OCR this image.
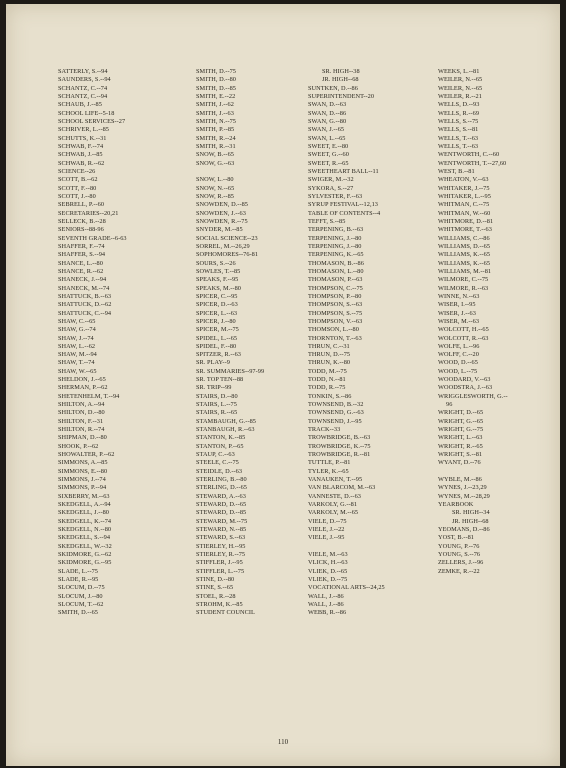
SATTERLY, S.--94
SAUNDERS, S.--94
SCHANTZ, C.--74
SCHANTZ, C.--94
SCHAUB, J.--85
SCHOOL LIFE--5-18
SCHOOL SERVICES--27
SCHRIVER, L.--85
SCHUTTS, K.--31
SCHWAB, F.--74
SCHWAB, J.--85
SCHWAB, R.--62
SCIENCE--26
SCOTT, B.--62
SCOTT, F.--80
SCOTT, J.--80
SEBRELL, P.--60
SECRETARIES--20,21
SELLECK, B.--28
SENIORS--88-96
SEVENTH GRADE--6-63
SHAFFER, F.--74
SHAFFER, S.--94
SHANCE, L.--80
SHANCE, R.--62
SHANECK, J.--94
SHANECK, M.--74
SHATTUCK, B.--63
SHATTUCK, D.--62
SHATTUCK, C.--94
SHAW, C.--65
SHAW, G.--74
SHAW, J.--74
SHAW, L.--62
SHAW, M.--94
SHAW, T.--74
SHAW, W.--65
SHELDON, J.--65
SHERMAN, P.--62
SHETENHELM, T.--94
SHILTON, A.--94
SHILTON, D.--80
SHILTON, F.--31
SHILTON, R.--74
SHIPMAN, D.--80
SHOOK, P.--62
SHOWALTER, P.--62
SIMMONS, A.--85
SIMMONS, E.--80
SIMMONS, J.--74
SIMMONS, P.--94
SIXBERRY, M.--63
SKEDGELL, A.--94
SKEDGELL, J.--80
SKEDGELL, K.--74
SKEDGELL, N.--80
SKEDGELL, S.--94
SKEDGELL, W.--32
SKIDMORE, G.--62
SKIDMORE, G.--95
SLADE, L.--75
SLADE, R.--95
SLOCUM, D.--75
SLOCUM, J.--80
SLOCUM, T.--62
SMITH, D.--65
SMITH, D.--75
SMITH, D.--80
SMITH, D.--85
SMITH, E.--22
SMITH, J.--62
SMITH, J.--63
SMITH, N.--75
SMITH, P.--85
SMITH, R.--24
SMITH, R.--31
SNOW, B.--65
SNOW, G.--63
SNOW, L.--80
SNOW, N.--65
SNOW, R.--85
SNOWDEN, D.--85
SNOWDEN, J.--63
SNOWDEN, R.--75
SNYDER, M.--85
SOCIAL SCIENCE--23
SORREL, M.--26,29
SOPHOMORES--76-81
SOURS, S.--26
SOWLES, T.--85
SPEAKS, F.--95
SPEAKS, M.--80
SPICER, C.--95
SPICER, D.--63
SPICER, L.--63
SPICER, J.--80
SPICER, M.--75
SPIDEL, L.--65
SPIDEL, F.--80
SPITZER, R.--63
SR. PLAY--9
SR. SUMMARIES--97-99
SR. TOP TEN--88
SR. TRIP--99
STAIRS, D.--80
STAIRS, L.--75
STAIRS, R.--65
STAMBAUGH, G.--85
STANBAUGH, R.--63
STANTON, K.--85
STANTON, P.--65
STAUP, C.--63
STEELE, C.--75
STEIDLE, D.--63
STERLING, B.--80
STERLING, D.--65
STEWARD, A.--63
STEWARD, D.--65
STEWARD, D.--85
STEWARD, M.--75
STEWARD, N.--85
STEWARD, S.--63
STIERLEY, H.--95
STIERLEY, R.--75
STIFFLER, J.--95
STIFFLER, L.--75
STINE, D.--80
STINE, S.--65
STOEL, R.--28
STROHM, K.--85
STUDENT COUNCIL
SR. HIGH--38
JR. HIGH--68
SUNTKEN, D.--86
SUPERINTENDENT--20
SWAN, D.--63
SWAN, D.--86
SWAN, G.--80
SWAN, J.--65
SWAN, L.--65
SWEET, E.--80
SWEET, G.--60
SWEET, R.--65
SWEETHEART BALL--11
SWIGER, M.--32
SYKORA, S.--27
SYLVESTER, F.--63
SYRUP FESTIVAL--12,13
TABLE OF CONTENTS--4
TEFFT, S.--85
TERPENING, B.--63
TERPENING, J.--80
TERPENING, J.--80
TERPENING, K.--65
THOMASON, B.--86
THOMASON, L.--80
THOMASON, P.--63
THOMPSON, C.--75
THOMPSON, P.--80
THOMPSON, S.--63
THOMPSON, S.--75
THOMPSON, V.--63
THOMSON, L.--80
THORNTON, T.--63
THRUN, C.--31
THRUN, D.--75
THRUN, K.--80
TODD, M.--75
TODD, N.--81
TODD, R.--75
TONKIN, S.--86
TOWNSEND, B.--32
TOWNSEND, G.--63
TOWNSEND, J.--95
TRACK--33
TROWBRIDGE, B.--63
TROWBRIDGE, K.--75
TROWBRIDGE, R.--81
TUTTLE, P.--81
TYLER, K.--65
VANAUKEN, T.--95
VAN BLARCOM, M.--63
VANNESTE, D.--63
VARKOLY, G.--81
VARKOLY, M.--65
VIELE, D.--75
VIELE, J.--22
VIELE, J.--95
VIELE, M.--63
VLICK, H.--63
VLIEK, D.--65
VLIEK, D.--75
VOCATIONAL ARTS--24,25
WALL, J.--86
WALL, J.--86
WEBB, R.--86
WEEKS, L.--81
WEILER, N.--65
WEILER, N.--65
WEILER, R.--21
WELLS, D.--93
WELLS, R.--69
WELLS, S.--75
WELLS, S.--81
WELLS, T.--63
WELLS, T.--63
WENTWORTH, C.--60
WENTWORTH, T.--27,60
WEST, B.--81
WHEATON, V.--63
WHITAKER, J.--75
WHITAKER, L.--95
WHITMAN, C.--75
WHITMAN, W.--60
WHITMORE, D.--81
WHITMORE, T.--63
WILLIAMS, C.--86
WILLIAMS, D.--65
WILLIAMS, K.--65
WILLIAMS, K.--65
WILLIAMS, M.--81
WILMORE, C.--75
WILMORE, R.--63
WINNE, N.--63
WISER, I.--95
WISER, J.--63
WISER, M.--63
WOLCOTT, H.--65
WOLCOTT, R.--63
WOLFE, L.--96
WOLFF, C.--20
WOOD, D.--65
WOOD, L.--75
WOODARD, V.--63
WOODSTRA, J.--63
WRIGGLESWORTH, G.--
96
WRIGHT, D.--65
WRIGHT, G.--65
WRIGHT, G.--75
WRIGHT, L.--63
WRIGHT, R.--65
WRIGHT, S.--81
WYANT, D.--76
WYBLE, M.--86
WYNES, J.--23,29
WYNES, M.--28,29
YEARBOOK
SR. HIGH--34
JR. HIGH--68
YEOMANS, D.--86
YOST, B.--81
YOUNG, P.--76
YOUNG, S.--76
ZELLERS, J.--96
ZEMKE, R.--22
110
